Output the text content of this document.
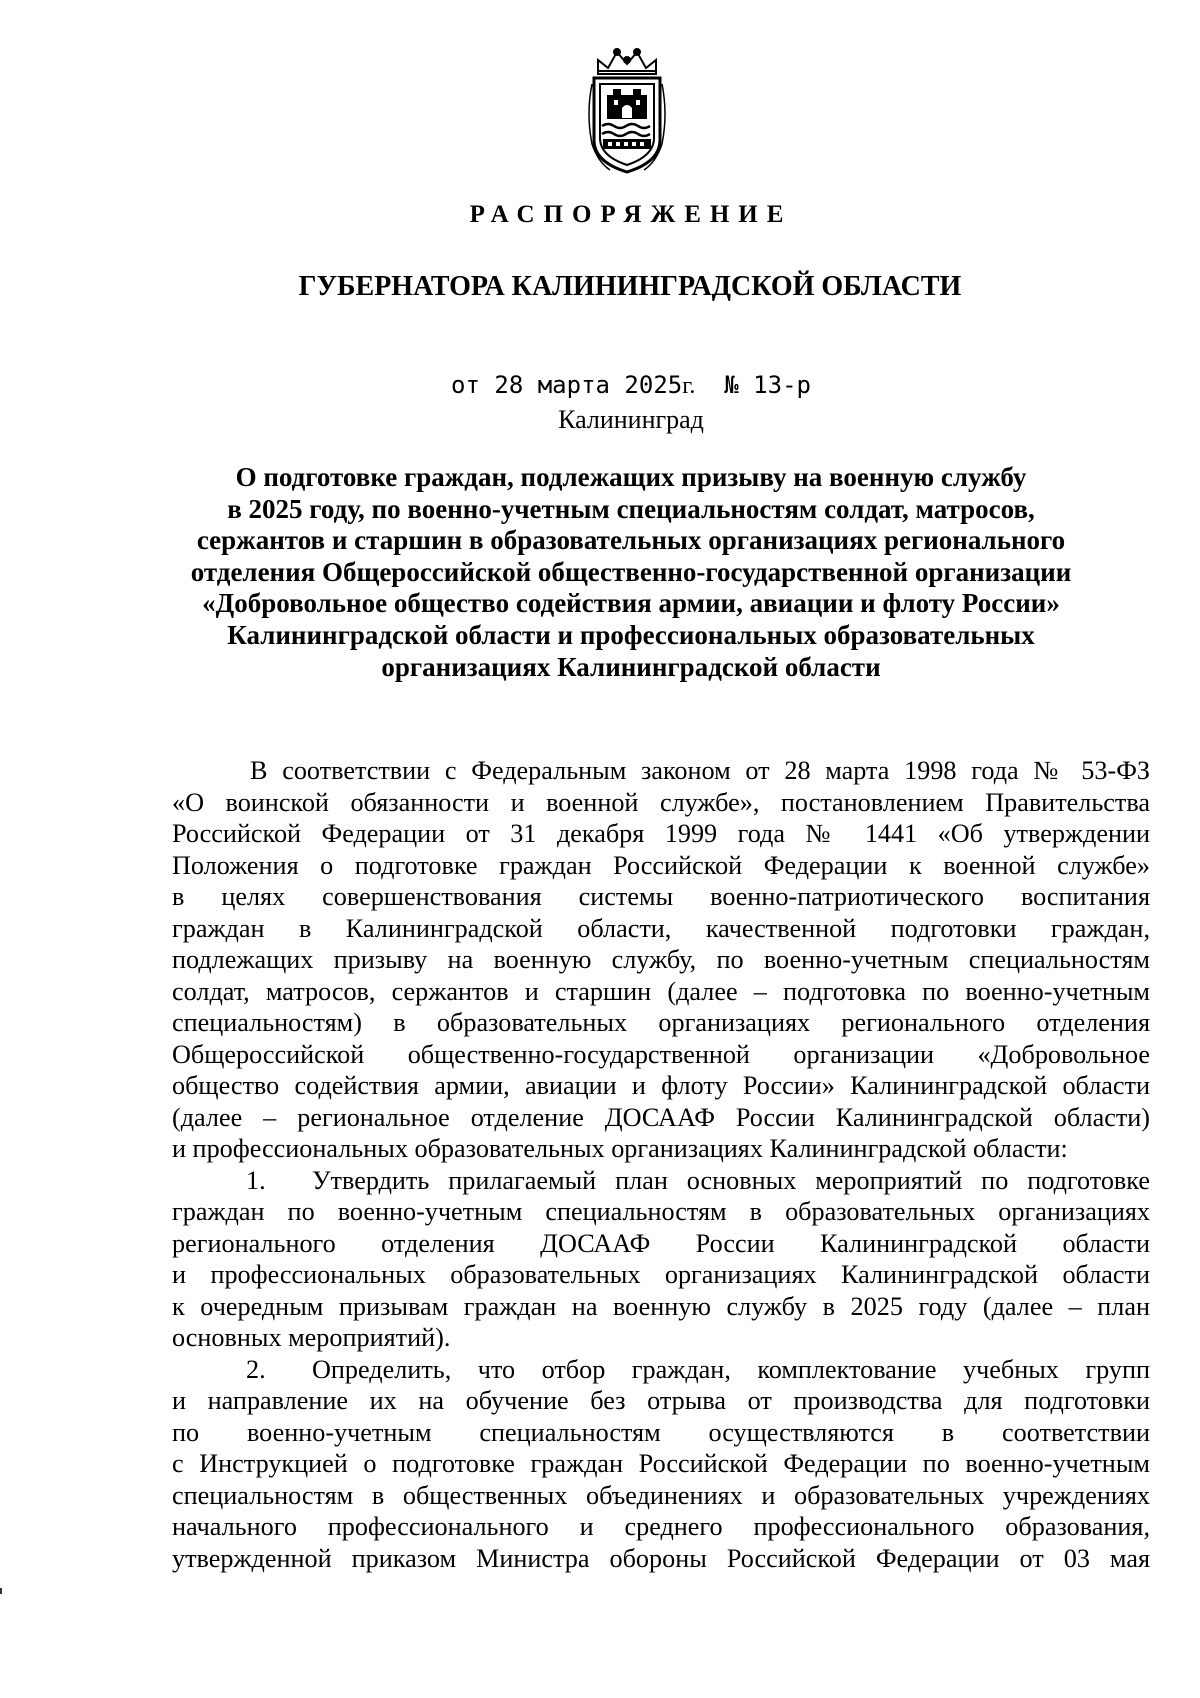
РАСПОРЯЖЕНИЕ
ГУБЕРНАТОРА КАЛИНИНГРАДСКОЙ ОБЛАСТИ
от 28 марта 2025г. № 13-р
Калининград
О подготовке граждан, подлежащих призыву на военную службу
в 2025 году, по военно-учетным специальностям солдат, матросов,
сержантов и старшин в образовательных организациях регионального
отделения Общероссийской общественно-государственной организации
«Добровольное общество содействия армии, авиации и флоту России»
Калининградской области и профессиональных образовательных
организациях Калининградской области
В соответствии с Федеральным законом от 28 марта 1998 года № 53-ФЗ
«О воинской обязанности и военной службе», постановлением Правительства
Российской Федерации от 31 декабря 1999 года № 1441 «Об утверждении
Положения о подготовке граждан Российской Федерации к военной службе»
в целях совершенствования системы военно-патриотического воспитания
граждан в Калининградской области, качественной подготовки граждан,
подлежащих призыву на военную службу, по военно-учетным специальностям
солдат, матросов, сержантов и старшин (далее – подготовка по военно-учетным
специальностям) в образовательных организациях регионального отделения
Общероссийской общественно-государственной организации «Добровольное
общество содействия армии, авиации и флоту России» Калининградской области
(далее – региональное отделение ДОСААФ России Калининградской области)
и профессиональных образовательных организациях Калининградской области:
1. Утвердить прилагаемый план основных мероприятий по подготовке
граждан по военно-учетным специальностям в образовательных организациях
регионального отделения ДОСААФ России Калининградской области
и профессиональных образовательных организациях Калининградской области
к очередным призывам граждан на военную службу в 2025 году (далее – план
основных мероприятий).
2. Определить, что отбор граждан, комплектование учебных групп
и направление их на обучение без отрыва от производства для подготовки
по военно-учетным специальностям осуществляются в соответствии
с Инструкцией о подготовке граждан Российской Федерации по военно-учетным
специальностям в общественных объединениях и образовательных учреждениях
начального профессионального и среднего профессионального образования,
утвержденной приказом Министра обороны Российской Федерации от 03 мая
